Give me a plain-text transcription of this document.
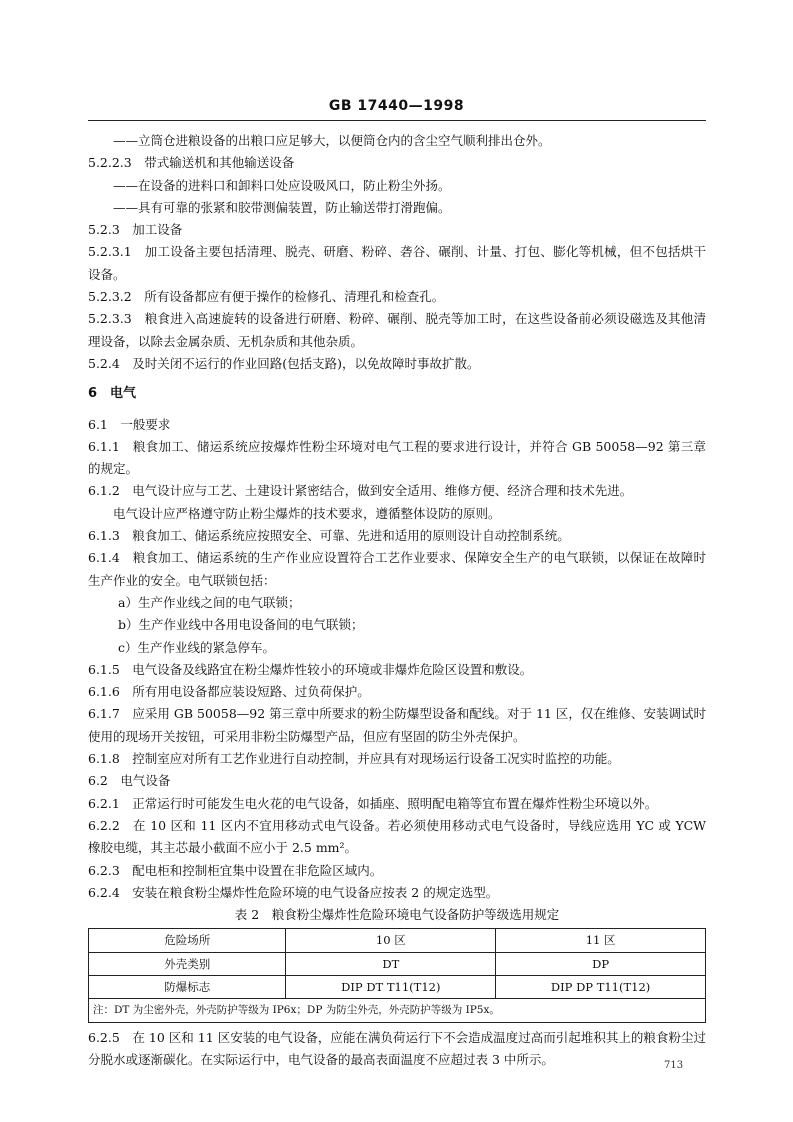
GB 17440—1998

——立筒仓进粮设备的出粮口应足够大，以便筒仓内的含尘空气顺利排出仓外。

5.2.2.3　带式输送机和其他输送设备

——在设备的进料口和卸料口处应设吸风口，防止粉尘外扬。

——具有可靠的张紧和胶带测偏装置，防止输送带打滑跑偏。

5.2.3　加工设备

5.2.3.1　加工设备主要包括清理、脱壳、研磨、粉碎、砻谷、碾削、计量、打包、膨化等机械，但不包括烘干设备。

5.2.3.2　所有设备都应有便于操作的检修孔、清理孔和检查孔。

5.2.3.3　粮食进入高速旋转的设备进行研磨、粉碎、碾削、脱壳等加工时，在这些设备前必须设磁选及其他清理设备，以除去金属杂质、无机杂质和其他杂质。

5.2.4　及时关闭不运行的作业回路(包括支路)，以免故障时事故扩散。

6　电气

6.1　一般要求

6.1.1　粮食加工、储运系统应按爆炸性粉尘环境对电气工程的要求进行设计，并符合 GB 50058—92 第三章的规定。

6.1.2　电气设计应与工艺、土建设计紧密结合，做到安全适用、维修方便、经济合理和技术先进。

电气设计应严格遵守防止粉尘爆炸的技术要求，遵循整体设防的原则。

6.1.3　粮食加工、储运系统应按照安全、可靠、先进和适用的原则设计自动控制系统。

6.1.4　粮食加工、储运系统的生产作业应设置符合工艺作业要求、保障安全生产的电气联锁，以保证在故障时生产作业的安全。电气联锁包括：

a）生产作业线之间的电气联锁；

b）生产作业线中各用电设备间的电气联锁；

c）生产作业线的紧急停车。

6.1.5　电气设备及线路宜在粉尘爆炸性较小的环境或非爆炸危险区设置和敷设。

6.1.6　所有用电设备都应装设短路、过负荷保护。

6.1.7　应采用 GB 50058—92 第三章中所要求的粉尘防爆型设备和配线。对于 11 区，仅在维修、安装调试时使用的现场开关按钮，可采用非粉尘防爆型产品，但应有坚固的防尘外壳保护。

6.1.8　控制室应对所有工艺作业进行自动控制，并应具有对现场运行设备工况实时监控的功能。

6.2　电气设备

6.2.1　正常运行时可能发生电火花的电气设备，如插座、照明配电箱等宜布置在爆炸性粉尘环境以外。

6.2.2　在 10 区和 11 区内不宜用移动式电气设备。若必须使用移动式电气设备时，导线应选用 YC 或 YCW 橡胶电缆，其主芯最小截面不应小于 2.5 mm²。

6.2.3　配电柜和控制柜宜集中设置在非危险区域内。

6.2.4　安装在粮食粉尘爆炸性危险环境的电气设备应按表 2 的规定选型。

表 2　粮食粉尘爆炸性危险环境电气设备防护等级选用规定

危险场所	10 区	11 区
外壳类别	DT	DP
防爆标志	DIP DT T11(T12)	DIP DP T11(T12)
注：DT 为尘密外壳，外壳防护等级为 IP6x；DP 为防尘外壳，外壳防护等级为 IP5x。		

6.2.5　在 10 区和 11 区安装的电气设备，应能在满负荷运行下不会造成温度过高而引起堆积其上的粮食粉尘过分脱水或逐渐碳化。在实际运行中，电气设备的最高表面温度不应超过表 3 中所示。	713
